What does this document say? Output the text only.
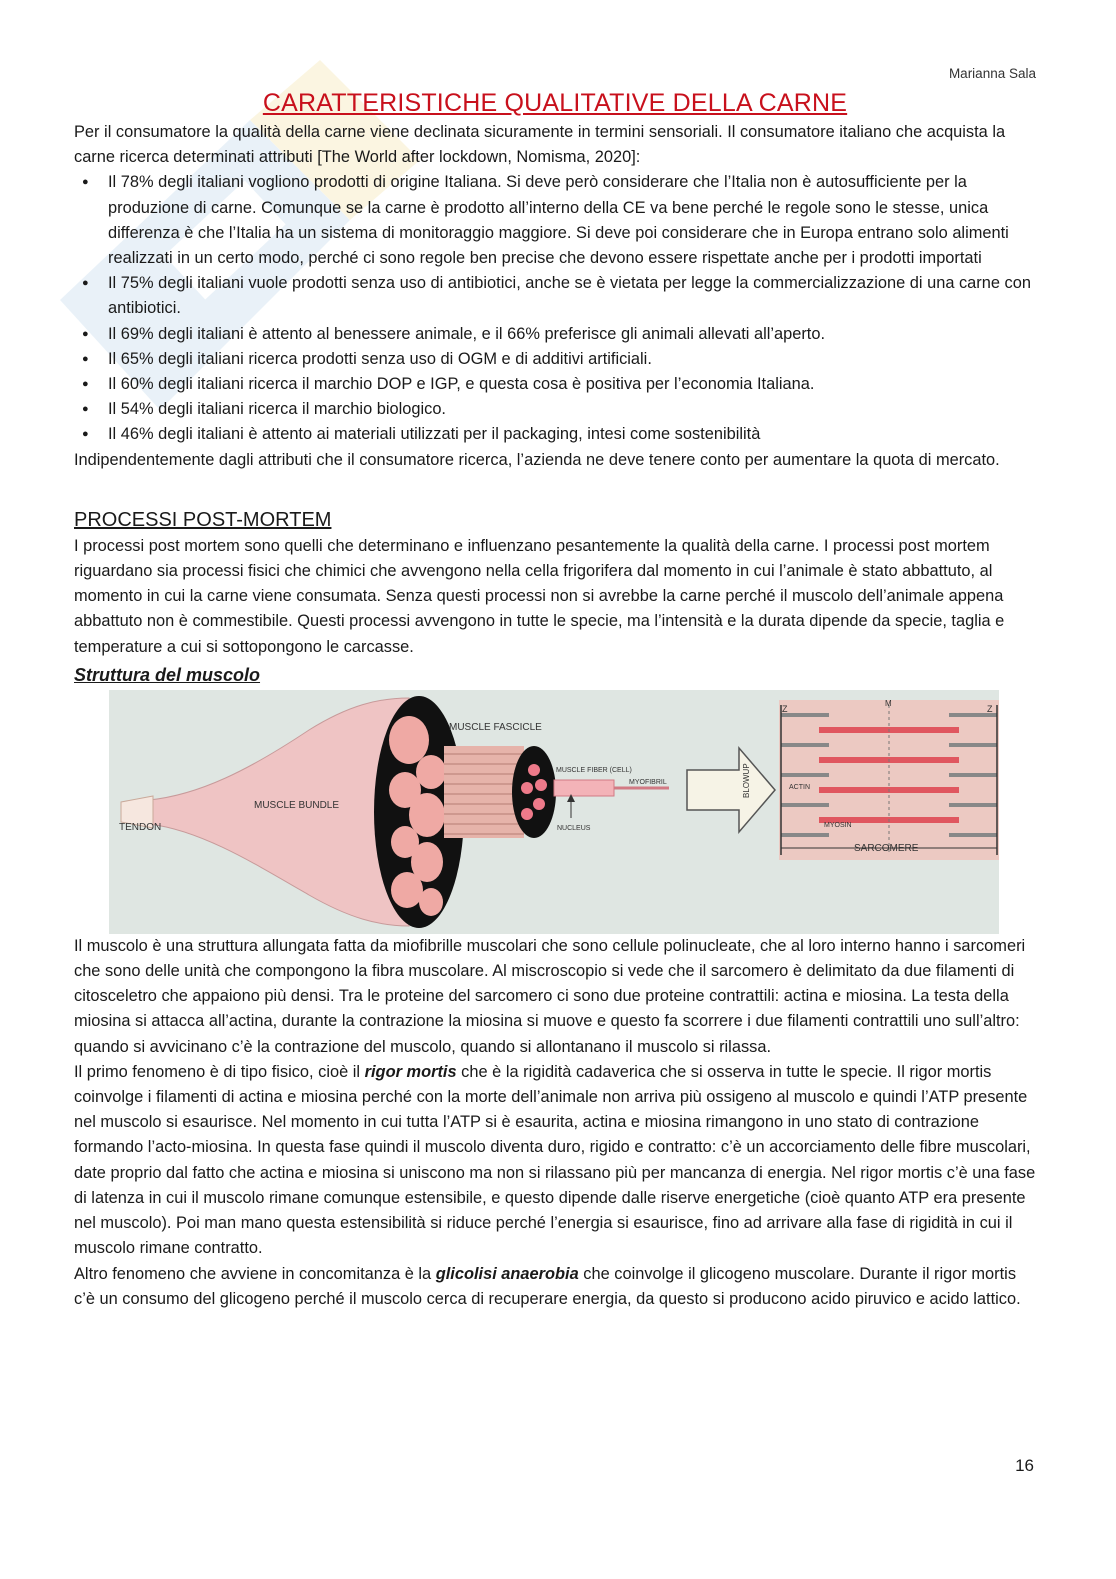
Marianna Sala
CARATTERISTICHE QUALITATIVE DELLA CARNE

Per il consumatore la qualità della carne viene declinata sicuramente in termini sensoriali. Il consumatore italiano che acquista la carne ricerca determinati attributi [The World after lockdown, Nomisma, 2020]:

● Il 78% degli italiani vogliono prodotti di origine Italiana. Si deve però considerare che l’Italia non è autosufficiente per la produzione di carne. Comunque se la carne è prodotto all’interno della CE va bene perché le regole sono le stesse, unica differenza è che l’Italia ha un sistema di monitoraggio maggiore. Si deve poi considerare che in Europa entrano solo alimenti realizzati in un certo modo, perché ci sono regole ben precise che devono essere rispettate anche per i prodotti importati
● Il 75% degli italiani vuole prodotti senza uso di antibiotici, anche se è vietata per legge la commercializzazione di una carne con antibiotici.
● Il 69% degli italiani è attento al benessere animale, e il 66% preferisce gli animali allevati all’aperto.
● Il 65% degli italiani ricerca prodotti senza uso di OGM e di additivi artificiali.
● Il 60% degli italiani ricerca il marchio DOP e IGP, e questa cosa è positiva per l’economia Italiana.
● Il 54% degli italiani ricerca il marchio biologico.
● Il 46% degli italiani è attento ai materiali utilizzati per il packaging, intesi come sostenibilità

Indipendentemente dagli attributi che il consumatore ricerca, l’azienda ne deve tenere conto per aumentare la quota di mercato.

PROCESSI POST-MORTEM

I processi post mortem sono quelli che determinano e influenzano pesantemente la qualità della carne. I processi post mortem riguardano sia processi fisici che chimici che avvengono nella cella frigorifera dal momento in cui l’animale è stato abbattuto, al momento in cui la carne viene consumata. Senza questi processi non si avrebbe la carne perché il muscolo dell’animale appena abbattuto non è commestibile. Questi processi avvengono in tutte le specie, ma l’intensità e la durata dipende da specie, taglia e temperature a cui si sottopongono le carcasse.

Struttura del muscolo
TENDON
MUSCLE BUNDLE
MUSCLE FASCICLE
MUSCLE FIBER (CELL)
MYOFIBRIL
NUCLEUS
BLOWUP
Z	Z
M
ACTIN
MYOSIN
SARCOMERE

Il muscolo è una struttura allungata fatta da miofibrille muscolari che sono cellule polinucleate, che al loro interno hanno i sarcomeri che sono delle unità che compongono la fibra muscolare. Al miscroscopio si vede che il sarcomero è delimitato da due filamenti di citosceletro che appaiono più densi. Tra le proteine del sarcomero ci sono due proteine contrattili: actina e miosina. La testa della miosina si attacca all’actina, durante la contrazione la miosina si muove e questo fa scorrere i due filamenti contrattili uno sull’altro: quando si avvicinano c’è la contrazione del muscolo, quando si allontanano il muscolo si rilassa.

Il primo fenomeno è di tipo fisico, cioè il rigor mortis che è la rigidità cadaverica che si osserva in tutte le specie. Il rigor mortis coinvolge i filamenti di actina e miosina perché con la morte dell’animale non arriva più ossigeno al muscolo e quindi l’ATP presente nel muscolo si esaurisce. Nel momento in cui tutta l’ATP si è esaurita, actina e miosina rimangono in uno stato di contrazione formando l’acto-miosina. In questa fase quindi il muscolo diventa duro, rigido e contratto: c’è un accorciamento delle fibre muscolari, date proprio dal fatto che actina e miosina si uniscono ma non si rilassano più per mancanza di energia. Nel rigor mortis c’è una fase di latenza in cui il muscolo rimane comunque estensibile, e questo dipende dalle riserve energetiche (cioè quanto ATP era presente nel muscolo). Poi man mano questa estensibilità si riduce perché l’energia si esaurisce, fino ad arrivare alla fase di rigidità in cui il muscolo rimane contratto.

Altro fenomeno che avviene in concomitanza è la glicolisi anaerobia che coinvolge il glicogeno muscolare. Durante il rigor mortis c’è un consumo del glicogeno perché il muscolo cerca di recuperare energia, da questo si producono acido piruvico e acido lattico.

16
